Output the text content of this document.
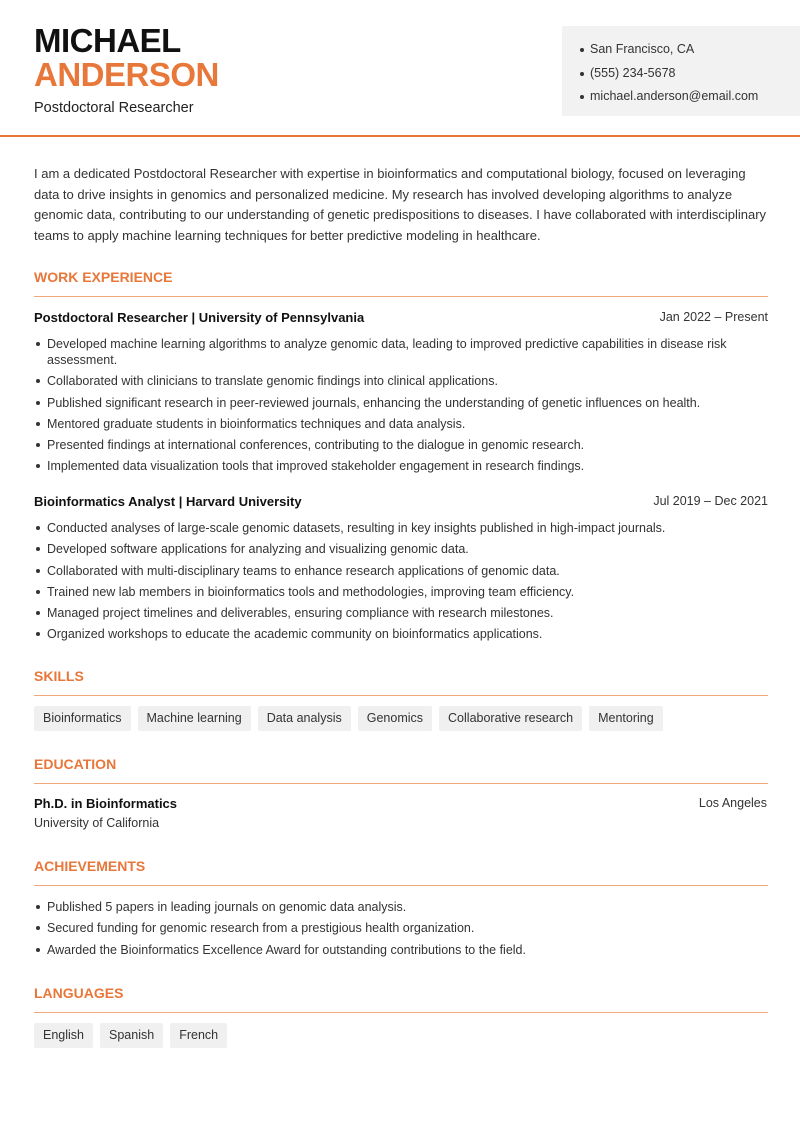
MICHAEL
ANDERSON
Postdoctoral Researcher
San Francisco, CA
(555) 234-5678
michael.anderson@email.com

I am a dedicated Postdoctoral Researcher with expertise in bioinformatics and computational biology, focused on leveraging data to drive insights in genomics and personalized medicine. My research has involved developing algorithms to analyze genomic data, contributing to our understanding of genetic predispositions to diseases. I have collaborated with interdisciplinary teams to apply machine learning techniques for better predictive modeling in healthcare.

WORK EXPERIENCE
Postdoctoral Researcher | University of Pennsylvania	Jan 2022 – Present
Developed machine learning algorithms to analyze genomic data, leading to improved predictive capabilities in disease risk assessment.
Collaborated with clinicians to translate genomic findings into clinical applications.
Published significant research in peer-reviewed journals, enhancing the understanding of genetic influences on health.
Mentored graduate students in bioinformatics techniques and data analysis.
Presented findings at international conferences, contributing to the dialogue in genomic research.
Implemented data visualization tools that improved stakeholder engagement in research findings.
Bioinformatics Analyst | Harvard University	Jul 2019 – Dec 2021
Conducted analyses of large-scale genomic datasets, resulting in key insights published in high-impact journals.
Developed software applications for analyzing and visualizing genomic data.
Collaborated with multi-disciplinary teams to enhance research applications of genomic data.
Trained new lab members in bioinformatics tools and methodologies, improving team efficiency.
Managed project timelines and deliverables, ensuring compliance with research milestones.
Organized workshops to educate the academic community on bioinformatics applications.
SKILLS
Bioinformatics	Machine learning	Data analysis	Genomics	Collaborative research	Mentoring
EDUCATION
Ph.D. in Bioinformatics	Los Angeles
University of California
ACHIEVEMENTS
Published 5 papers in leading journals on genomic data analysis.
Secured funding for genomic research from a prestigious health organization.
Awarded the Bioinformatics Excellence Award for outstanding contributions to the field.
LANGUAGES
English	Spanish	French
